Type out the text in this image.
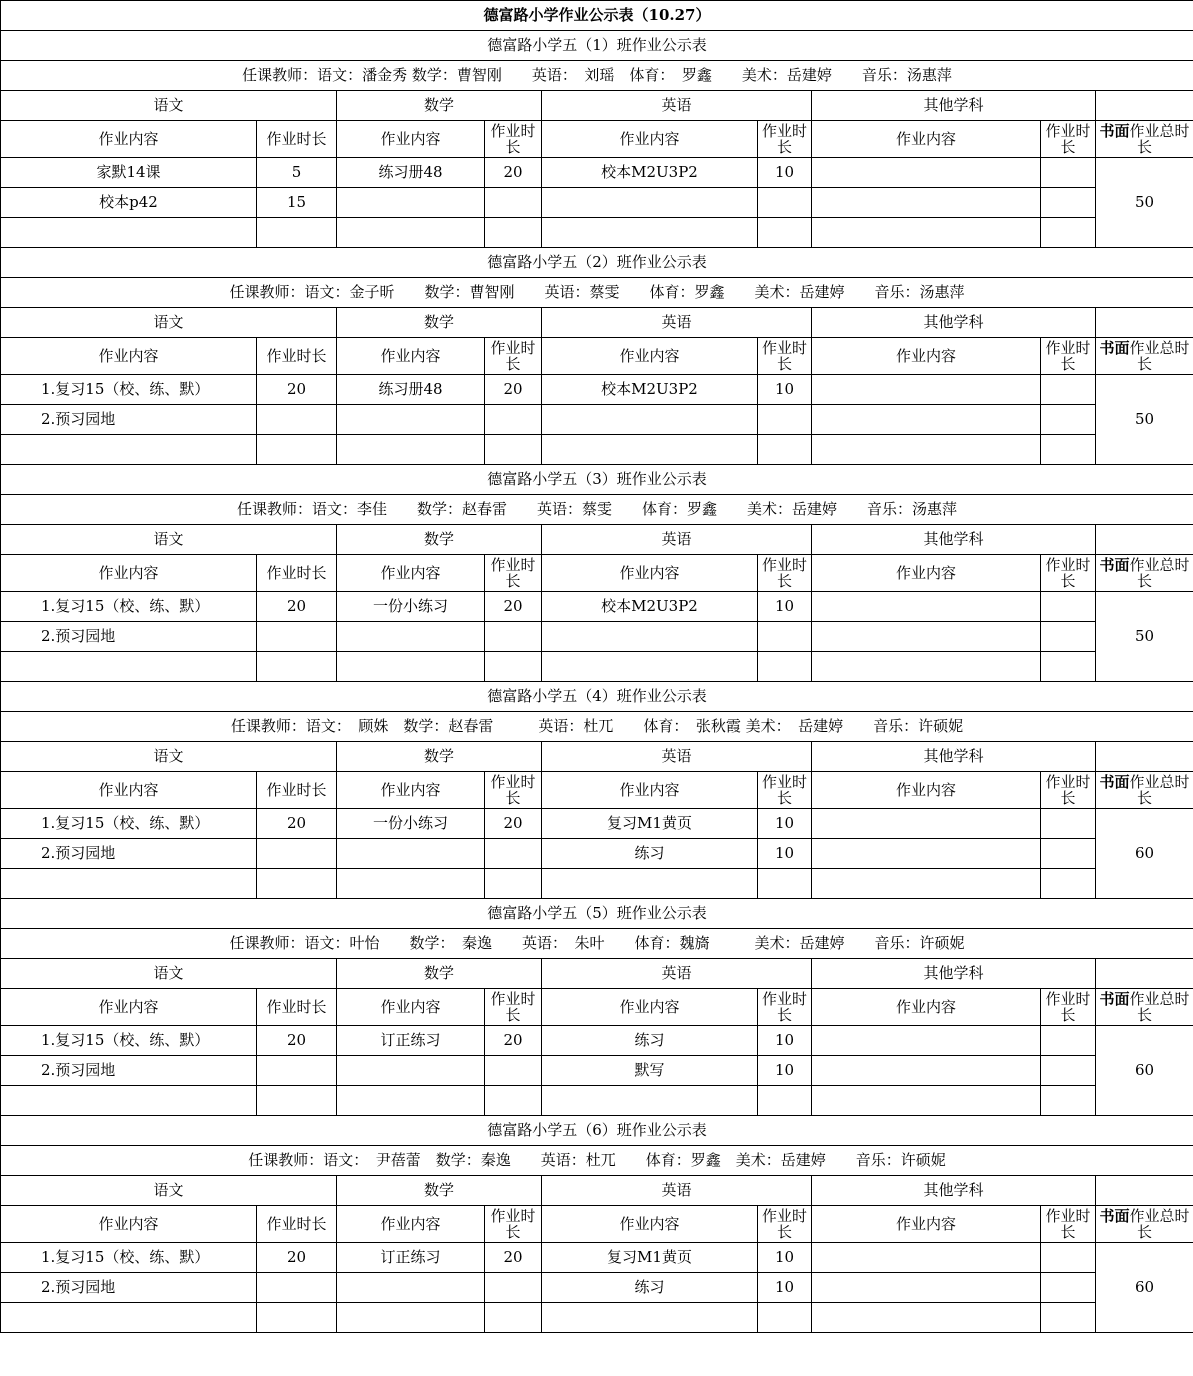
德富路小学作业公示表（10.27）								
德富路小学五（1）班作业公示表								
任课教师：语文：潘金秀 数学：曹智刚　　英语：　刘瑶　体育：　罗鑫　　美术：岳建婷　　音乐：汤惠萍								
语文		数学		英语		其他学科		
作业内容	作业时长	作业内容	作业时长	作业内容	作业时长	作业内容	作业时长	书面作业总时长
家默14课	5	练习册48	20	校本M2U3P2	10			50
校本p42	15							

德富路小学五（2）班作业公示表								
任课教师：语文：金子昕　　数学：曹智刚　　英语：蔡雯　　体育：罗鑫　　美术：岳建婷　　音乐：汤惠萍								
语文		数学		英语		其他学科		
作业内容	作业时长	作业内容	作业时长	作业内容	作业时长	作业内容	作业时长	书面作业总时长
1.复习15（校、练、默）	20	练习册48	20	校本M2U3P2	10			50
2.预习园地								

德富路小学五（3）班作业公示表								
任课教师：语文：李佳　　数学：赵春雷　　英语：蔡雯　　体育：罗鑫　　美术：岳建婷　　音乐：汤惠萍								
语文		数学		英语		其他学科		
作业内容	作业时长	作业内容	作业时长	作业内容	作业时长	作业内容	作业时长	书面作业总时长
1.复习15（校、练、默）	20	一份小练习	20	校本M2U3P2	10			50
2.预习园地								

德富路小学五（4）班作业公示表								
任课教师：语文：　顾姝　数学：赵春雷　　　英语：杜兀　　体育：　张秋霞 美术：　岳建婷　　音乐：许硕妮								
语文		数学		英语		其他学科		
作业内容	作业时长	作业内容	作业时长	作业内容	作业时长	作业内容	作业时长	书面作业总时长
1.复习15（校、练、默）	20	一份小练习	20	复习M1黄页	10			60
2.预习园地				练习	10			

德富路小学五（5）班作业公示表								
任课教师：语文：叶怡　　数学：　秦逸　　英语：　朱叶　　体育：魏旖　　　美术：岳建婷　　音乐：许硕妮								
语文		数学		英语		其他学科		
作业内容	作业时长	作业内容	作业时长	作业内容	作业时长	作业内容	作业时长	书面作业总时长
1.复习15（校、练、默）	20	订正练习	20	练习	10			60
2.预习园地				默写	10			

德富路小学五（6）班作业公示表								
任课教师：语文：　尹蓓蕾　数学：秦逸　　英语：杜兀　　体育：罗鑫　美术：岳建婷　　音乐：许硕妮								
语文		数学		英语		其他学科		
作业内容	作业时长	作业内容	作业时长	作业内容	作业时长	作业内容	作业时长	书面作业总时长
1.复习15（校、练、默）	20	订正练习	20	复习M1黄页	10			60
2.预习园地				练习	10			
